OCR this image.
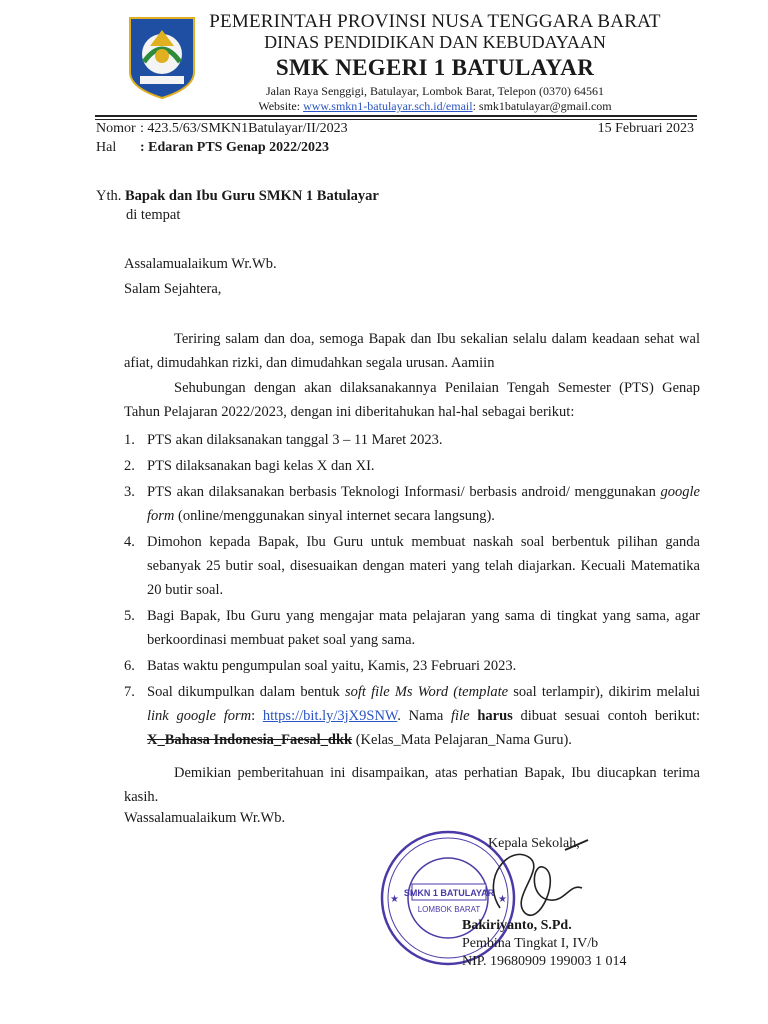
PEMERINTAH PROVINSI NUSA TENGGARA BARAT
DINAS PENDIDIKAN DAN KEBUDAYAAN
SMK NEGERI 1 BATULAYAR
Jalan Raya Senggigi, Batulayar, Lombok Barat, Telepon (0370) 64561
Website: www.smkn1-batulayar.sch.id/email: smk1batulayar@gmail.com
Nomor : 423.5/63/SMKN1Batulayar/II/2023
Hal : Edaran PTS Genap 2022/2023
15 Februari 2023
Yth. Bapak dan Ibu Guru SMKN 1 Batulayar
di tempat
Assalamualaikum Wr.Wb.
Salam Sejahtera,

Teriring salam dan doa, semoga Bapak dan Ibu sekalian selalu dalam keadaan sehat wal afiat, dimudahkan rizki, dan dimudahkan segala urusan. Aamiin

Sehubungan dengan akan dilaksanakannya Penilaian Tengah Semester (PTS) Genap Tahun Pelajaran 2022/2023, dengan ini diberitahukan hal-hal sebagai berikut:

1. PTS akan dilaksanakan tanggal 3 – 11 Maret 2023.
2. PTS dilaksanakan bagi kelas X dan XI.
3. PTS akan dilaksanakan berbasis Teknologi Informasi/ berbasis android/ menggunakan google form (online/menggunakan sinyal internet secara langsung).
4. Dimohon kepada Bapak, Ibu Guru untuk membuat naskah soal berbentuk pilihan ganda sebanyak 25 butir soal, disesuaikan dengan materi yang telah diajarkan. Kecuali Matematika 20 butir soal.
5. Bagi Bapak, Ibu Guru yang mengajar mata pelajaran yang sama di tingkat yang sama, agar berkoordinasi membuat paket soal yang sama.
6. Batas waktu pengumpulan soal yaitu, Kamis, 23 Februari 2023.
7. Soal dikumpulkan dalam bentuk soft file Ms Word (template soal terlampir), dikirim melalui link google form: https://bit.ly/3jX9SNW. Nama file harus dibuat sesuai contoh berikut: X_Bahasa Indonesia_Faesal_dkk (Kelas_Mata Pelajaran_Nama Guru).

Demikian pemberitahuan ini disampaikan, atas perhatian Bapak, Ibu diucapkan terima kasih.

Wassalamualaikum Wr.Wb.
★	★
SMKN 1 BATULAYAR
LOMBOK BARAT
Kepala Sekolah,
Bakiriyanto, S.Pd.
Pembina Tingkat I, IV/b
NIP. 19680909 199003 1 014
